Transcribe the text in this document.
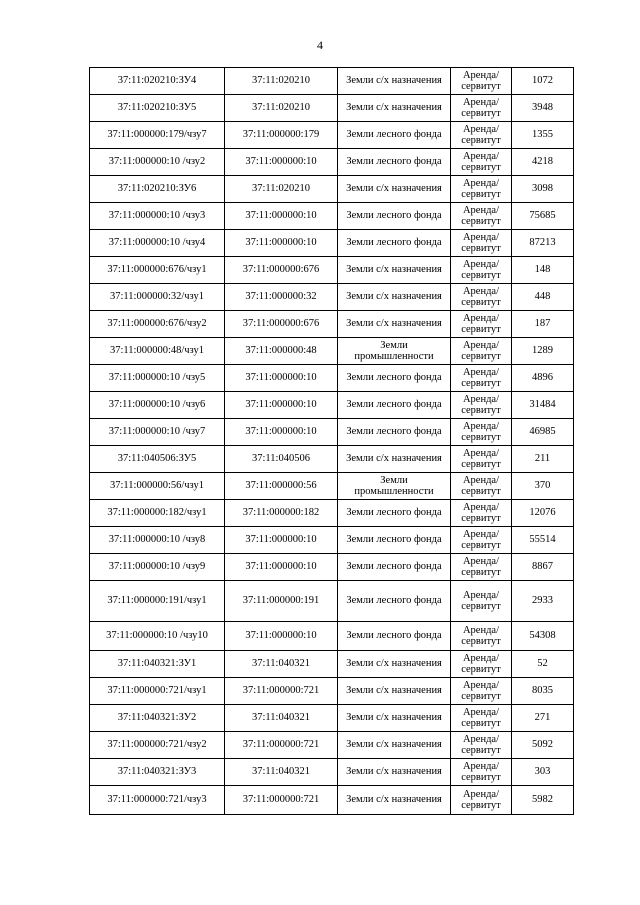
4
37:11:020210:ЗУ4	37:11:020210	Земли с/х назначения	Аренда/ сервитут	1072
37:11:020210:ЗУ5	37:11:020210	Земли с/х назначения	Аренда/ сервитут	3948
37:11:000000:179/чзу7	37:11:000000:179	Земли лесного фонда	Аренда/ сервитут	1355
37:11:000000:10 /чзу2	37:11:000000:10	Земли лесного фонда	Аренда/ сервитут	4218
37:11:020210:ЗУ6	37:11:020210	Земли с/х назначения	Аренда/ сервитут	3098
37:11:000000:10 /чзу3	37:11:000000:10	Земли лесного фонда	Аренда/ сервитут	75685
37:11:000000:10 /чзу4	37:11:000000:10	Земли лесного фонда	Аренда/ сервитут	87213
37:11:000000:676/чзу1	37:11:000000:676	Земли с/х назначения	Аренда/ сервитут	148
37:11:000000:32/чзу1	37:11:000000:32	Земли с/х назначения	Аренда/ сервитут	448
37:11:000000:676/чзу2	37:11:000000:676	Земли с/х назначения	Аренда/ сервитут	187
37:11:000000:48/чзу1	37:11:000000:48	Земли промышленности	Аренда/ сервитут	1289
37:11:000000:10 /чзу5	37:11:000000:10	Земли лесного фонда	Аренда/ сервитут	4896
37:11:000000:10 /чзу6	37:11:000000:10	Земли лесного фонда	Аренда/ сервитут	31484
37:11:000000:10 /чзу7	37:11:000000:10	Земли лесного фонда	Аренда/ сервитут	46985
37:11:040506:ЗУ5	37:11:040506	Земли с/х назначения	Аренда/ сервитут	211
37:11:000000:56/чзу1	37:11:000000:56	Земли промышленности	Аренда/ сервитут	370
37:11:000000:182/чзу1	37:11:000000:182	Земли лесного фонда	Аренда/ сервитут	12076
37:11:000000:10 /чзу8	37:11:000000:10	Земли лесного фонда	Аренда/ сервитут	55514
37:11:000000:10 /чзу9	37:11:000000:10	Земли лесного фонда	Аренда/ сервитут	8867
37:11:000000:191/чзу1	37:11:000000:191	Земли лесного фонда	Аренда/ сервитут	2933
37:11:000000:10 /чзу10	37:11:000000:10	Земли лесного фонда	Аренда/ сервитут	54308
37:11:040321:ЗУ1	37:11:040321	Земли с/х назначения	Аренда/ сервитут	52
37:11:000000:721/чзу1	37:11:000000:721	Земли с/х назначения	Аренда/ сервитут	8035
37:11:040321:ЗУ2	37:11:040321	Земли с/х назначения	Аренда/ сервитут	271
37:11:000000:721/чзу2	37:11:000000:721	Земли с/х назначения	Аренда/ сервитут	5092
37:11:040321:ЗУ3	37:11:040321	Земли с/х назначения	Аренда/ сервитут	303
37:11:000000:721/чзу3	37:11:000000:721	Земли с/х назначения	Аренда/ сервитут	5982
